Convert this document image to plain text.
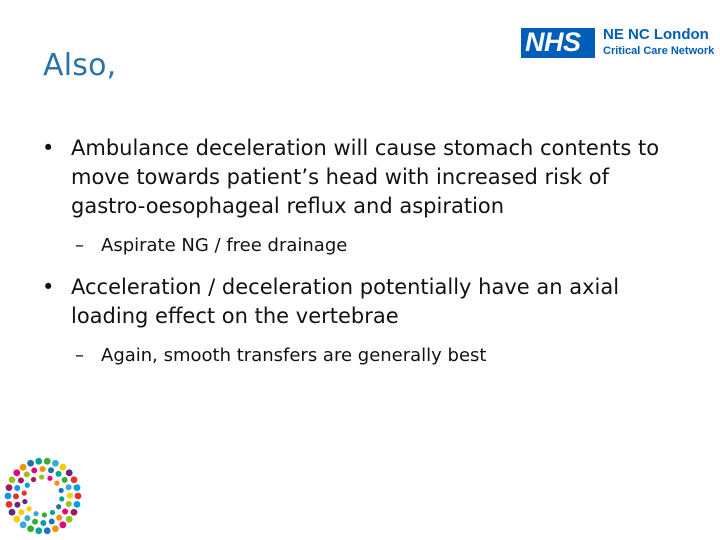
Also,
NHS NE NC London
Critical Care Network
• Ambulance deceleration will cause stomach contents to move towards patient’s head with increased risk of gastro-oesophageal reflux and aspiration
– Aspirate NG / free drainage
• Acceleration / deceleration potentially have an axial loading effect on the vertebrae
– Again, smooth transfers are generally best
